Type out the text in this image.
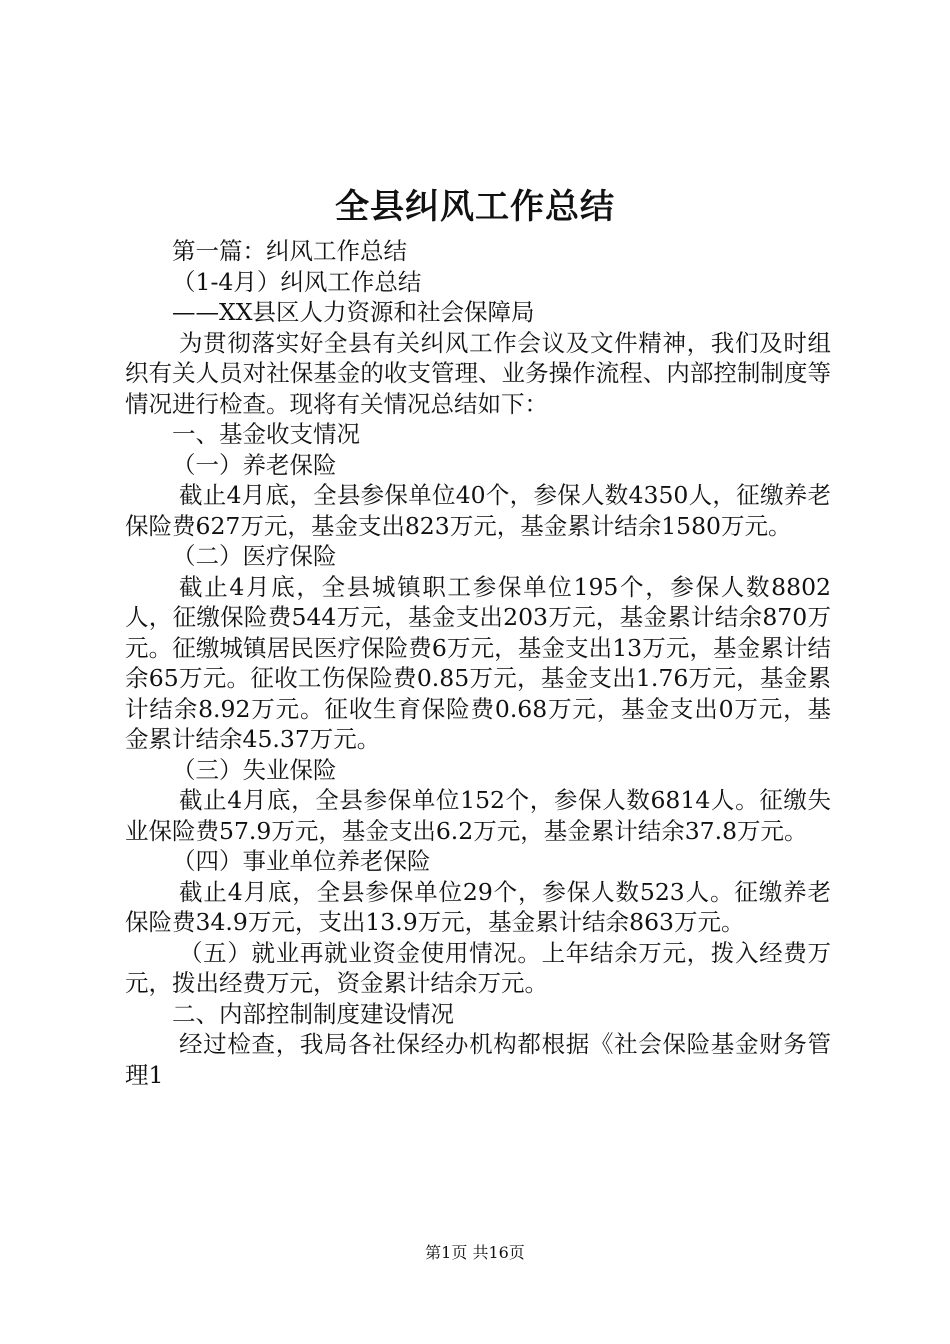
全县纠风工作总结

第一篇：纠风工作总结

（1-4月）纠风工作总结

——XX县区人力资源和社会保障局

为贯彻落实好全县有关纠风工作会议及文件精神，我们及时组织有关人员对社保基金的收支管理、业务操作流程、内部控制制度等情况进行检查。现将有关情况总结如下：

一、基金收支情况

（一）养老保险

截止4月底，全县参保单位40个，参保人数4350人，征缴养老保险费627万元，基金支出823万元，基金累计结余1580万元。

（二）医疗保险

截止4月底，全县城镇职工参保单位195个，参保人数8802人，征缴保险费544万元，基金支出203万元，基金累计结余870万元。征缴城镇居民医疗保险费6万元，基金支出13万元，基金累计结余65万元。征收工伤保险费0.85万元，基金支出1.76万元，基金累计结余8.92万元。征收生育保险费0.68万元，基金支出0万元，基金累计结余45.37万元。

（三）失业保险

截止4月底，全县参保单位152个，参保人数6814人。征缴失业保险费57.9万元，基金支出6.2万元，基金累计结余37.8万元。

（四）事业单位养老保险

截止4月底，全县参保单位29个，参保人数523人。征缴养老保险费34.9万元，支出13.9万元，基金累计结余863万元。

（五）就业再就业资金使用情况。上年结余万元，拨入经费万元，拨出经费万元，资金累计结余万元。

二、内部控制制度建设情况

经过检查，我局各社保经办机构都根据《社会保险基金财务管理1

第1页 共16页
